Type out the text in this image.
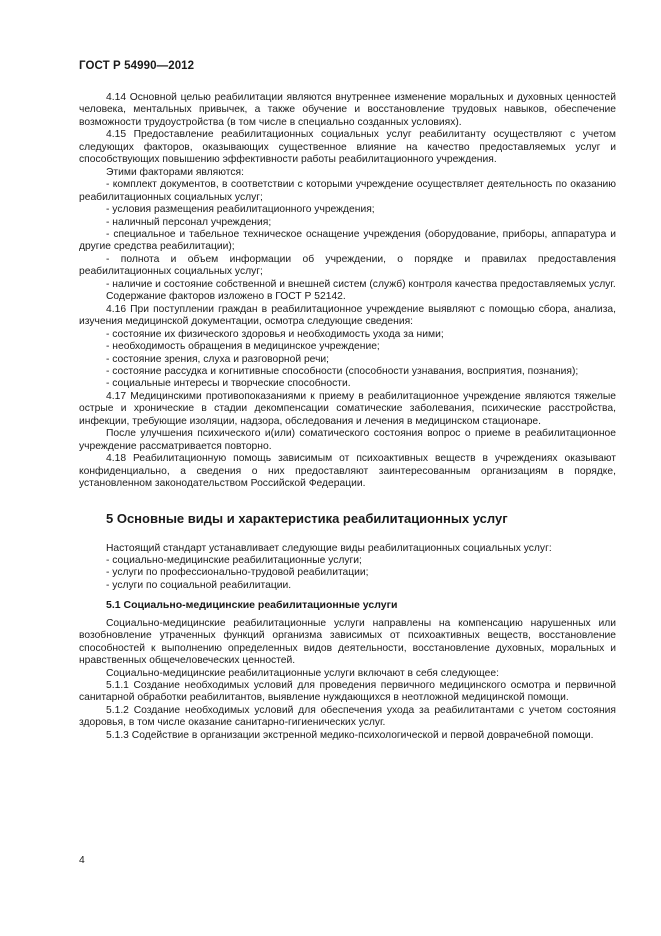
ГОСТ Р 54990—2012

4.14 Основной целью реабилитации являются внутреннее изменение моральных и духовных ценностей человека, ментальных привычек, а также обучение и восстановление трудовых навыков, обеспечение возможности трудоустройства (в том числе в специально созданных условиях).

4.15 Предоставление реабилитационных социальных услуг реабилитанту осуществляют с учетом следующих факторов, оказывающих существенное влияние на качество предоставляемых услуг и способствующих повышению эффективности работы реабилитационного учреждения.

Этими факторами являются:

- комплект документов, в соответствии с которыми учреждение осуществляет деятельность по оказанию реабилитационных социальных услуг;

- условия размещения реабилитационного учреждения;

- наличный персонал учреждения;

- специальное и табельное техническое оснащение учреждения (оборудование, приборы, аппаратура и другие средства реабилитации);

- полнота и объем информации об учреждении, о порядке и правилах предоставления реабилитационных социальных услуг;

- наличие и состояние собственной и внешней систем (служб) контроля качества предоставляемых услуг.

Содержание факторов изложено в ГОСТ Р 52142.

4.16 При поступлении граждан в реабилитационное учреждение выявляют с помощью сбора, анализа, изучения медицинской документации, осмотра следующие сведения:

- состояние их физического здоровья и необходимость ухода за ними;

- необходимость обращения в медицинское учреждение;

- состояние зрения, слуха и разговорной речи;

- состояние рассудка и когнитивные способности (способности узнавания, восприятия, познания);

- социальные интересы и творческие способности.

4.17 Медицинскими противопоказаниями к приему в реабилитационное учреждение являются тяжелые острые и хронические в стадии декомпенсации соматические заболевания, психические расстройства, инфекции, требующие изоляции, надзора, обследования и лечения в медицинском стационаре.

После улучшения психического и(или) соматического состояния вопрос о приеме в реабилитационное учреждение рассматривается повторно.

4.18 Реабилитационную помощь зависимым от психоактивных веществ в учреждениях оказывают конфиденциально, а сведения о них предоставляют заинтересованным организациям в порядке, установленном законодательством Российской Федерации.

5 Основные виды и характеристика реабилитационных услуг

Настоящий стандарт устанавливает следующие виды реабилитационных социальных услуг:

- социально-медицинские реабилитационные услуги;

- услуги по профессионально-трудовой реабилитации;

- услуги по социальной реабилитации.

5.1 Социально-медицинские реабилитационные услуги

Социально-медицинские реабилитационные услуги направлены на компенсацию нарушенных или возобновление утраченных функций организма зависимых от психоактивных веществ, восстановление способностей к выполнению определенных видов деятельности, восстановление духовных, моральных и нравственных общечеловеческих ценностей.

Социально-медицинские реабилитационные услуги включают в себя следующее:

5.1.1 Создание необходимых условий для проведения первичного медицинского осмотра и первичной санитарной обработки реабилитантов, выявление нуждающихся в неотложной медицинской помощи.

5.1.2 Создание необходимых условий для обеспечения ухода за реабилитантами с учетом состояния здоровья, в том числе оказание санитарно-гигиенических услуг.

5.1.3 Содействие в организации экстренной медико-психологической и первой доврачебной помощи.

4
